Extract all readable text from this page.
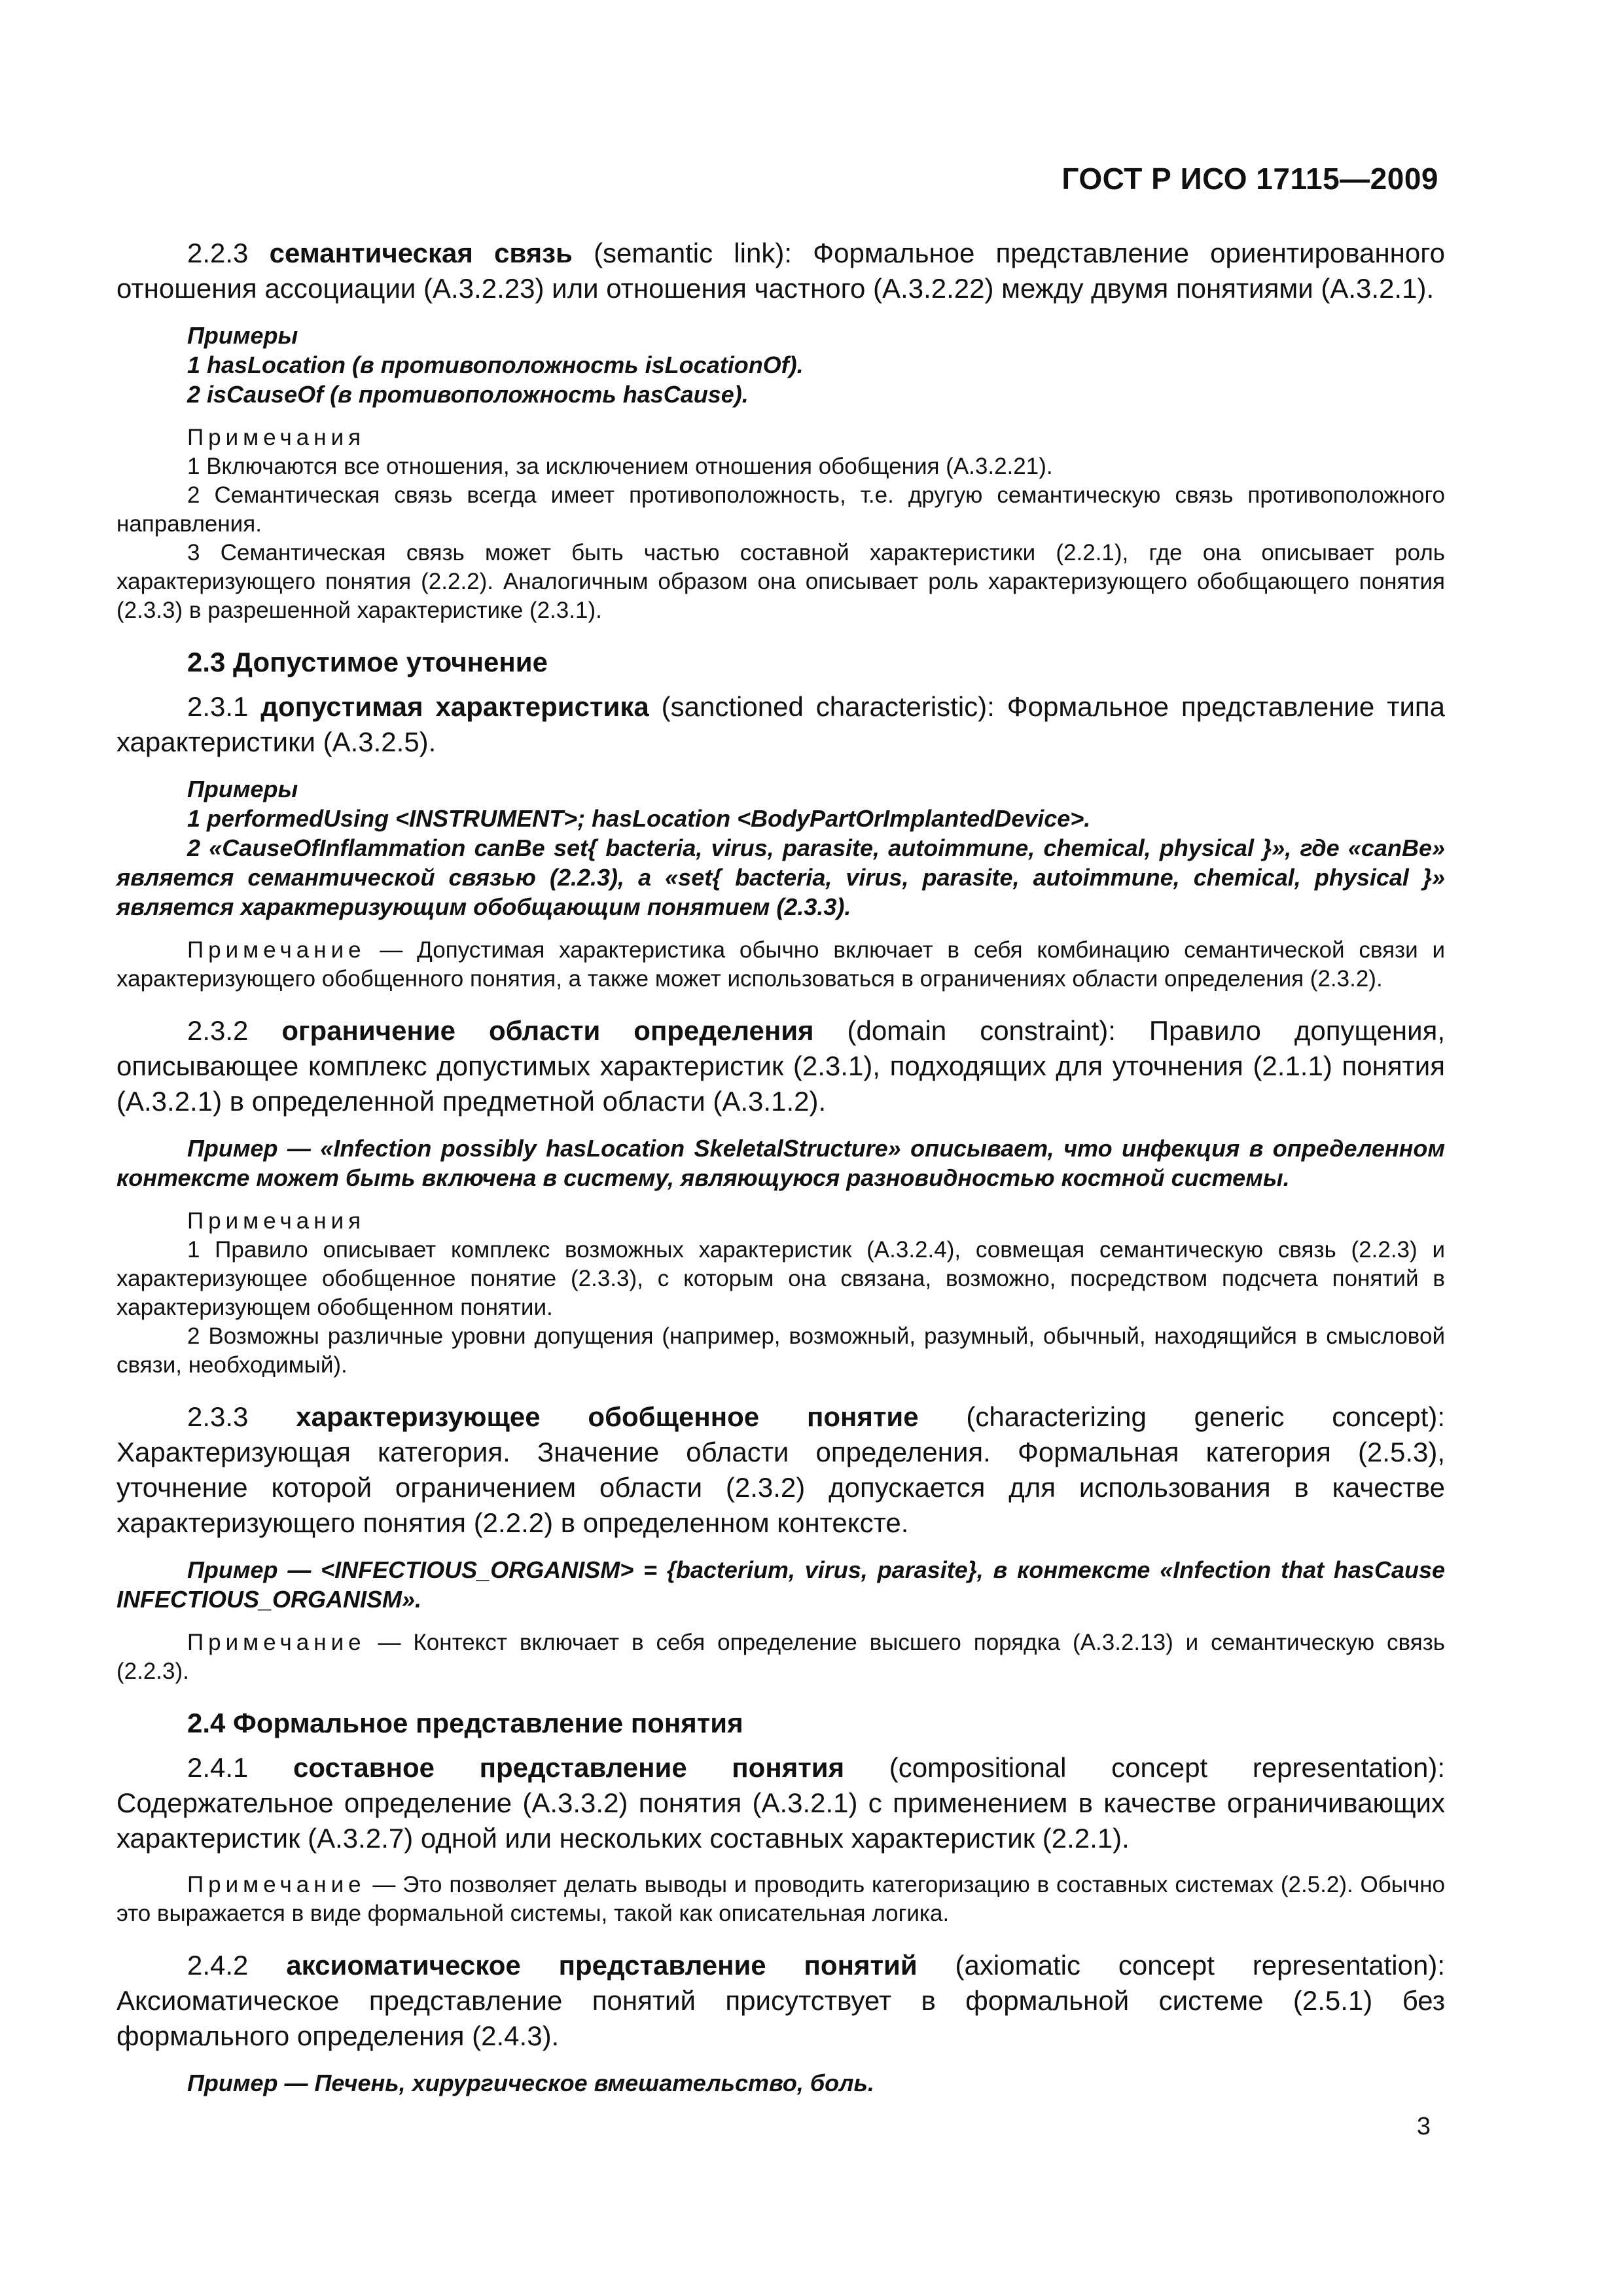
ГОСТ Р ИСО 17115—2009

2.2.3 семантическая связь (semantic link): Формальное представление ориентированного отношения ассоциации (A.3.2.23) или отношения частного (A.3.2.22) между двумя понятиями (A.3.2.1).

Примеры

1 hasLocation (в противоположность isLocationOf).

2 isCauseOf (в противоположность hasCause).

Примечания

1 Включаются все отношения, за исключением отношения обобщения (A.3.2.21).

2 Семантическая связь всегда имеет противоположность, т.е. другую семантическую связь противоположного направления.

3 Семантическая связь может быть частью составной характеристики (2.2.1), где она описывает роль характеризующего понятия (2.2.2). Аналогичным образом она описывает роль характеризующего обобщающего понятия (2.3.3) в разрешенной характеристике (2.3.1).

2.3 Допустимое уточнение

2.3.1 допустимая характеристика (sanctioned characteristic): Формальное представление типа характеристики (A.3.2.5).

Примеры

1 performedUsing <INSTRUMENT>; hasLocation <BodyPartOrImplantedDevice>.

2 «CauseOfInflammation canBe set{ bacteria, virus, parasite, autoimmune, chemical, physical }», где «canBe» является семантической связью (2.2.3), а «set{ bacteria, virus, parasite, autoimmune, chemical, physical }» является характеризующим обобщающим понятием (2.3.3).

Примечание — Допустимая характеристика обычно включает в себя комбинацию семантической связи и характеризующего обобщенного понятия, а также может использоваться в ограничениях области определения (2.3.2).

2.3.2 ограничение области определения (domain constraint): Правило допущения, описывающее комплекс допустимых характеристик (2.3.1), подходящих для уточнения (2.1.1) понятия (A.3.2.1) в определенной предметной области (A.3.1.2).

Пример — «Infection possibly hasLocation SkeletalStructure» описывает, что инфекция в определенном контексте может быть включена в систему, являющуюся разновидностью костной системы.

Примечания

1 Правило описывает комплекс возможных характеристик (A.3.2.4), совмещая семантическую связь (2.2.3) и характеризующее обобщенное понятие (2.3.3), с которым она связана, возможно, посредством подсчета понятий в характеризующем обобщенном понятии.

2 Возможны различные уровни допущения (например, возможный, разумный, обычный, находящийся в смысловой связи, необходимый).

2.3.3 характеризующее обобщенное понятие (characterizing generic concept): Характеризующая категория. Значение области определения. Формальная категория (2.5.3), уточнение которой ограничением области (2.3.2) допускается для использования в качестве характеризующего понятия (2.2.2) в определенном контексте.

Пример — <INFECTIOUS_ORGANISM> = {bacterium, virus, parasite}, в контексте «Infection that hasCause INFECTIOUS_ORGANISM».

Примечание — Контекст включает в себя определение высшего порядка (A.3.2.13) и семантическую связь (2.2.3).

2.4 Формальное представление понятия

2.4.1 составное представление понятия (compositional concept representation): Содержательное определение (A.3.3.2) понятия (A.3.2.1) с применением в качестве ограничивающих характеристик (A.3.2.7) одной или нескольких составных характеристик (2.2.1).

Примечание — Это позволяет делать выводы и проводить категоризацию в составных системах (2.5.2). Обычно это выражается в виде формальной системы, такой как описательная логика.

2.4.2 аксиоматическое представление понятий (axiomatic concept representation): Аксиоматическое представление понятий присутствует в формальной системе (2.5.1) без формального определения (2.4.3).

Пример — Печень, хирургическое вмешательство, боль.

3
